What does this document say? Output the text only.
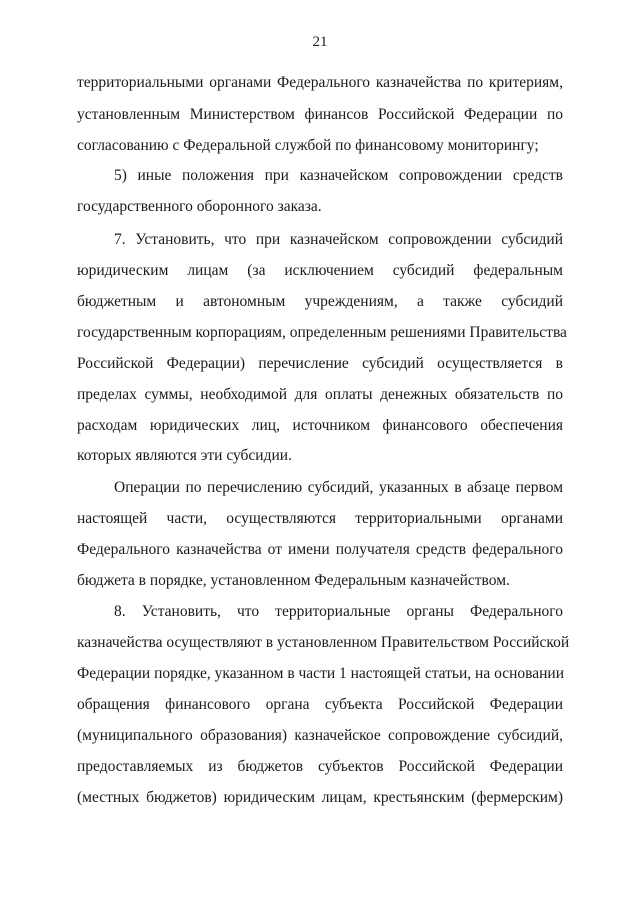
21
территориальными органами Федерального казначейства по критериям,
установленным Министерством финансов Российской Федерации по
согласованию с Федеральной службой по финансовому мониторингу;
5) иные положения при казначейском сопровождении средств
государственного оборонного заказа.
7. Установить, что при казначейском сопровождении субсидий
юридическим лицам (за исключением субсидий федеральным
бюджетным и автономным учреждениям, а также субсидий
государственным корпорациям, определенным решениями Правительства
Российской Федерации) перечисление субсидий осуществляется в
пределах суммы, необходимой для оплаты денежных обязательств по
расходам юридических лиц, источником финансового обеспечения
которых являются эти субсидии.
Операции по перечислению субсидий, указанных в абзаце первом
настоящей части, осуществляются территориальными органами
Федерального казначейства от имени получателя средств федерального
бюджета в порядке, установленном Федеральным казначейством.
8. Установить, что территориальные органы Федерального
казначейства осуществляют в установленном Правительством Российской
Федерации порядке, указанном в части 1 настоящей статьи, на основании
обращения финансового органа субъекта Российской Федерации
(муниципального образования) казначейское сопровождение субсидий,
предоставляемых из бюджетов субъектов Российской Федерации
(местных бюджетов) юридическим лицам, крестьянским (фермерским)
